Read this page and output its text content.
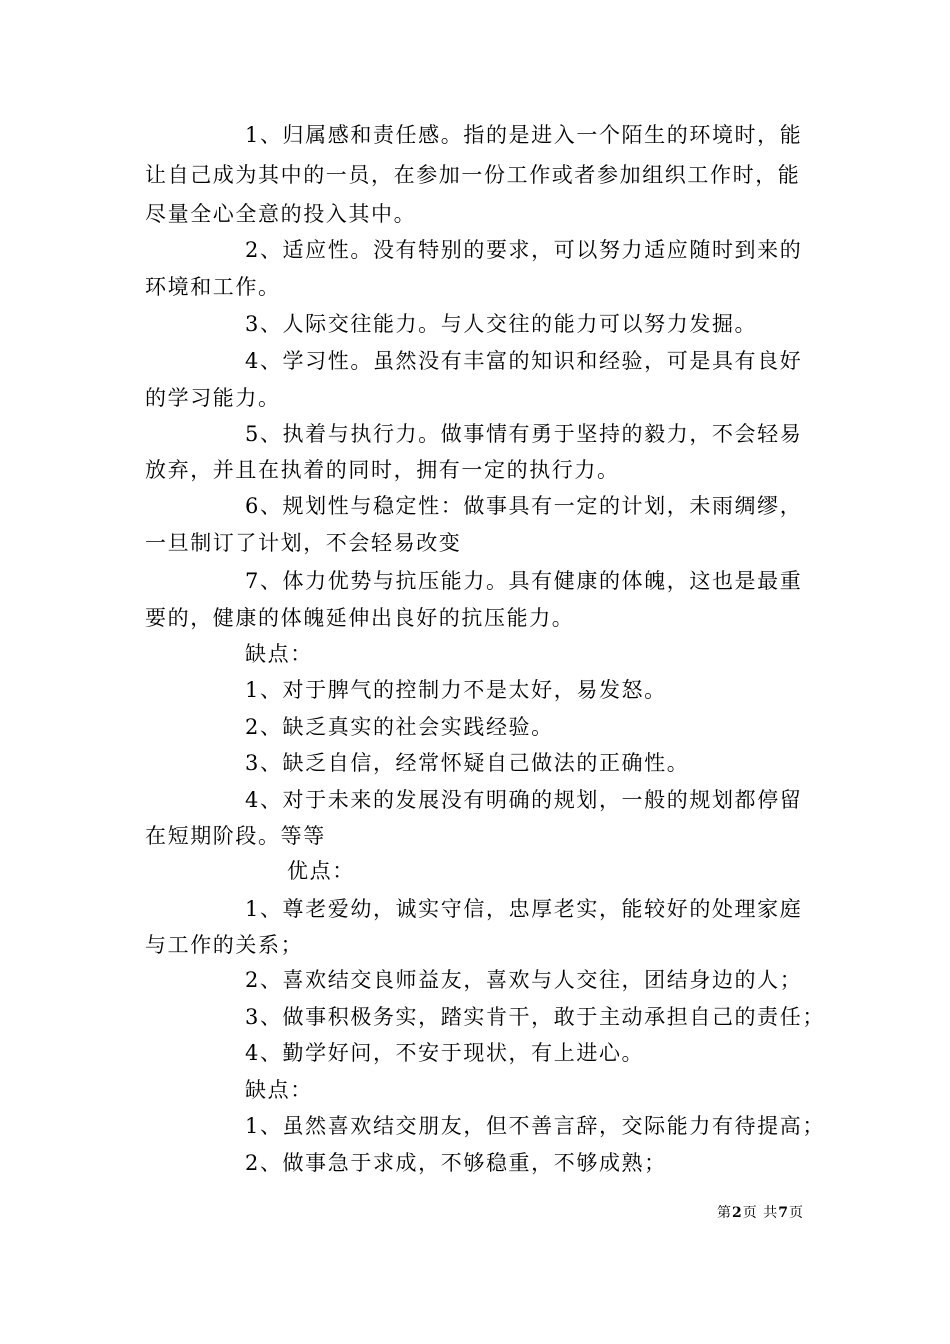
1、归属感和责任感。指的是进入一个陌生的环境时，能
让自己成为其中的一员，在参加一份工作或者参加组织工作时，能
尽量全心全意的投入其中。
2、适应性。没有特别的要求，可以努力适应随时到来的
环境和工作。
3、人际交往能力。与人交往的能力可以努力发掘。
4、学习性。虽然没有丰富的知识和经验，可是具有良好
的学习能力。
5、执着与执行力。做事情有勇于坚持的毅力，不会轻易
放弃，并且在执着的同时，拥有一定的执行力。
6、规划性与稳定性：做事具有一定的计划，未雨绸缪，
一旦制订了计划，不会轻易改变
7、体力优势与抗压能力。具有健康的体魄，这也是最重
要的，健康的体魄延伸出良好的抗压能力。
缺点：
1、对于脾气的控制力不是太好，易发怒。
2、缺乏真实的社会实践经验。
3、缺乏自信，经常怀疑自己做法的正确性。
4、对于未来的发展没有明确的规划，一般的规划都停留
在短期阶段。等等
优点：
1、尊老爱幼，诚实守信，忠厚老实，能较好的处理家庭
与工作的关系；
2、喜欢结交良师益友，喜欢与人交往，团结身边的人；
3、做事积极务实，踏实肯干，敢于主动承担自己的责任；
4、勤学好问，不安于现状，有上进心。
缺点：
1、虽然喜欢结交朋友，但不善言辞，交际能力有待提高；
2、做事急于求成，不够稳重，不够成熟；
第2页 共7页
